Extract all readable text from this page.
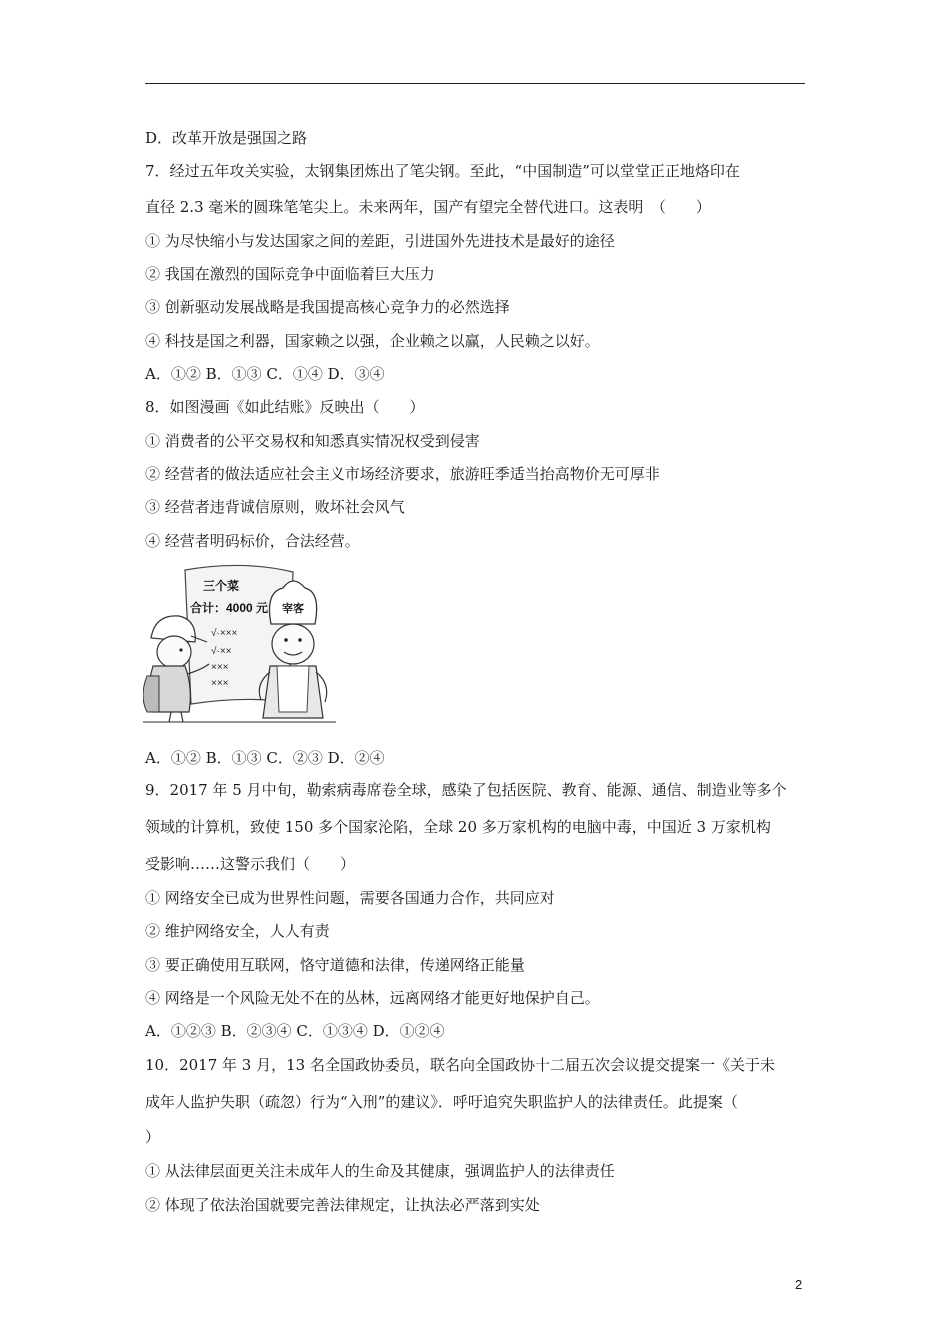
D．改革开放是强国之路
7．经过五年攻关实验，太钢集团炼出了笔尖钢。至此，“中国制造”可以堂堂正正地烙印在
直径 2.3 毫米的圆珠笔笔尖上。未来两年，国产有望完全替代进口。这表明　（　　）
① 为尽快缩小与发达国家之间的差距，引进国外先进技术是最好的途径
② 我国在激烈的国际竞争中面临着巨大压力
③ 创新驱动发展战略是我国提高核心竞争力的必然选择
④ 科技是国之利器，国家赖之以强，企业赖之以赢，人民赖之以好。
A．①② B．①③ C．①④ D．③④
8．如图漫画《如此结账》反映出（　　）
① 消费者的公平交易权和知悉真实情况权受到侵害
② 经营者的做法适应社会主义市场经济要求，旅游旺季适当抬高物价无可厚非
③ 经营者违背诚信原则，败坏社会风气
④ 经营者明码标价，合法经营。
三个菜
合计：4000 元
√·×××
√·××
×××
×××
宰客
A．①② B．①③ C．②③ D．②④
9．2017 年 5 月中旬，勒索病毒席卷全球，感染了包括医院、教育、能源、通信、制造业等多个
领域的计算机，致使 150 多个国家沦陷，全球 20 多万家机构的电脑中毒，中国近 3 万家机构
受影响……这警示我们（　　）
① 网络安全已成为世界性问题，需要各国通力合作，共同应对
② 维护网络安全，人人有责
③ 要正确使用互联网，恪守道德和法律，传递网络正能量
④ 网络是一个风险无处不在的丛林，远离网络才能更好地保护自己。
A．①②③ B．②③④ C．①③④ D．①②④
10．2017 年 3 月，13 名全国政协委员，联名向全国政协十二届五次会议提交提案一《关于未
成年人监护失职（疏忽）行为“入刑”的建议》．呼吁追究失职监护人的法律责任。此提案（
）
① 从法律层面更关注未成年人的生命及其健康，强调监护人的法律责任
② 体现了依法治国就要完善法律规定，让执法必严落到实处
2
